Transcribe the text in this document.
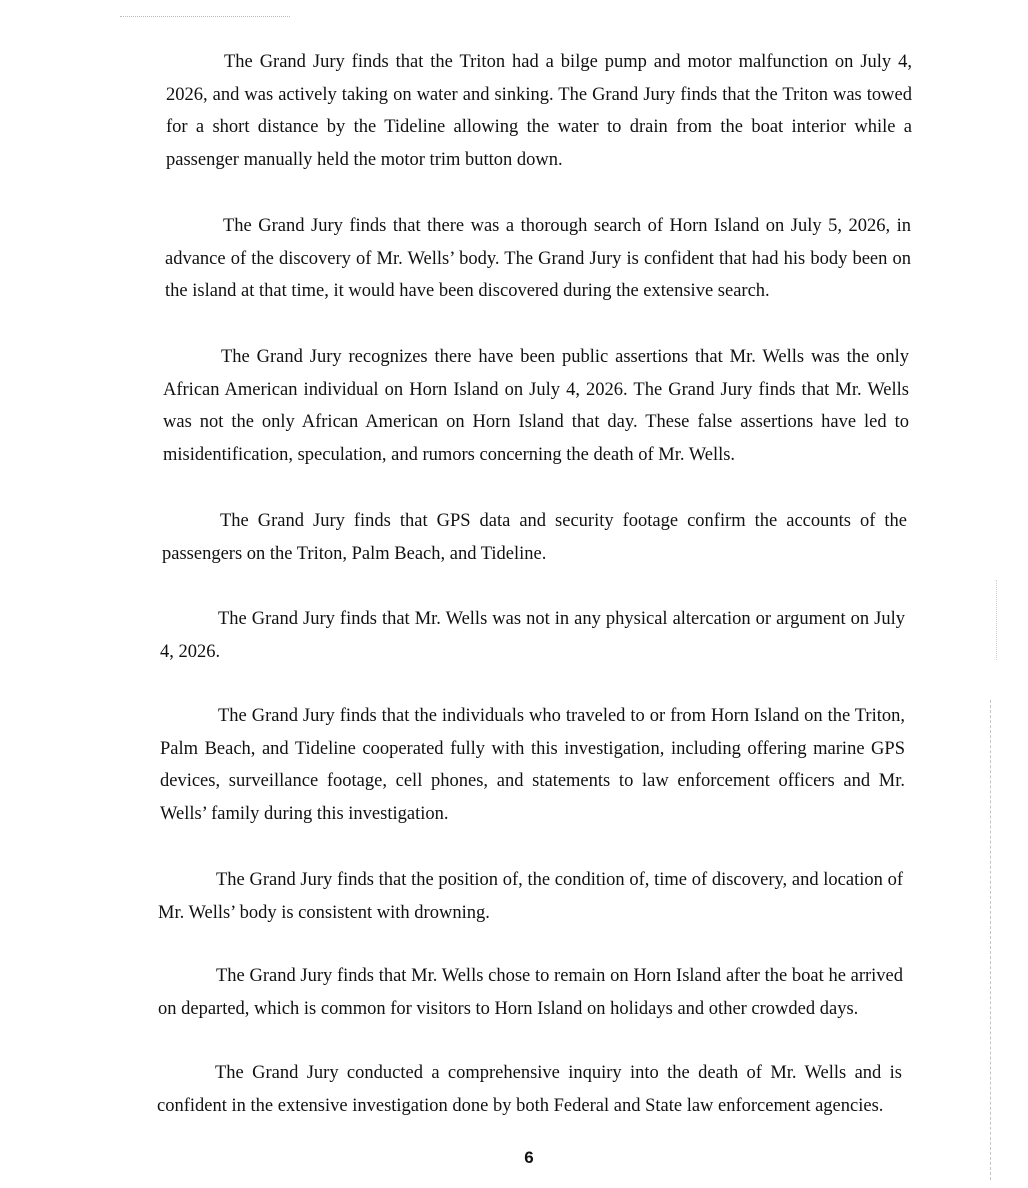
The Grand Jury finds that the Triton had a bilge pump and motor malfunction on July 4, 2026, and was actively taking on water and sinking. The Grand Jury finds that the Triton was towed for a short distance by the Tideline allowing the water to drain from the boat interior while a passenger manually held the motor trim button down.

The Grand Jury finds that there was a thorough search of Horn Island on July 5, 2026, in advance of the discovery of Mr. Wells’ body. The Grand Jury is confident that had his body been on the island at that time, it would have been discovered during the extensive search.

The Grand Jury recognizes there have been public assertions that Mr. Wells was the only African American individual on Horn Island on July 4, 2026. The Grand Jury finds that Mr. Wells was not the only African American on Horn Island that day. These false assertions have led to misidentification, speculation, and rumors concerning the death of Mr. Wells.

The Grand Jury finds that GPS data and security footage confirm the accounts of the passengers on the Triton, Palm Beach, and Tideline.

The Grand Jury finds that Mr. Wells was not in any physical altercation or argument on July 4, 2026.

The Grand Jury finds that the individuals who traveled to or from Horn Island on the Triton, Palm Beach, and Tideline cooperated fully with this investigation, including offering marine GPS devices, surveillance footage, cell phones, and statements to law enforcement officers and Mr. Wells’ family during this investigation.

The Grand Jury finds that the position of, the condition of, time of discovery, and location of Mr. Wells’ body is consistent with drowning.

The Grand Jury finds that Mr. Wells chose to remain on Horn Island after the boat he arrived on departed, which is common for visitors to Horn Island on holidays and other crowded days.

The Grand Jury conducted a comprehensive inquiry into the death of Mr. Wells and is confident in the extensive investigation done by both Federal and State law enforcement agencies.

6
